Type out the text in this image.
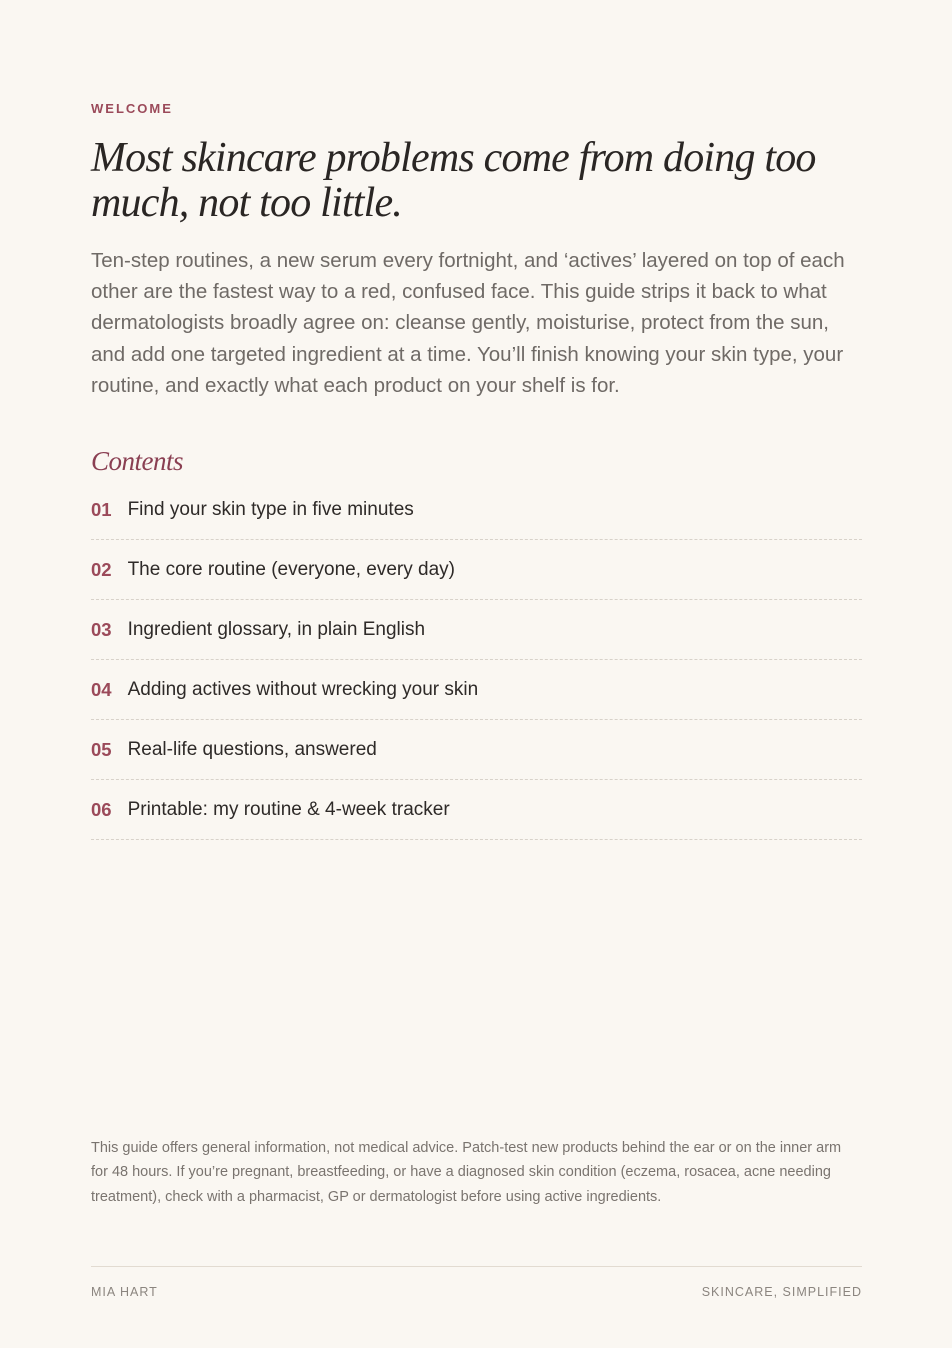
WELCOME
Most skincare problems come from doing too much, not too little.

Ten-step routines, a new serum every fortnight, and ‘actives’ layered on top of each other are the fastest way to a red, confused face. This guide strips it back to what dermatologists broadly agree on: cleanse gently, moisturise, protect from the sun, and add one targeted ingredient at a time. You’ll finish knowing your skin type, your routine, and exactly what each product on your shelf is for.

Contents
01 Find your skin type in five minutes
02 The core routine (everyone, every day)
03 Ingredient glossary, in plain English
04 Adding actives without wrecking your skin
05 Real-life questions, answered
06 Printable: my routine & 4-week tracker

This guide offers general information, not medical advice. Patch-test new products behind the ear or on the inner arm for 48 hours. If you’re pregnant, breastfeeding, or have a diagnosed skin condition (eczema, rosacea, acne needing treatment), check with a pharmacist, GP or dermatologist before using active ingredients.

MIA HART	SKINCARE, SIMPLIFIED
